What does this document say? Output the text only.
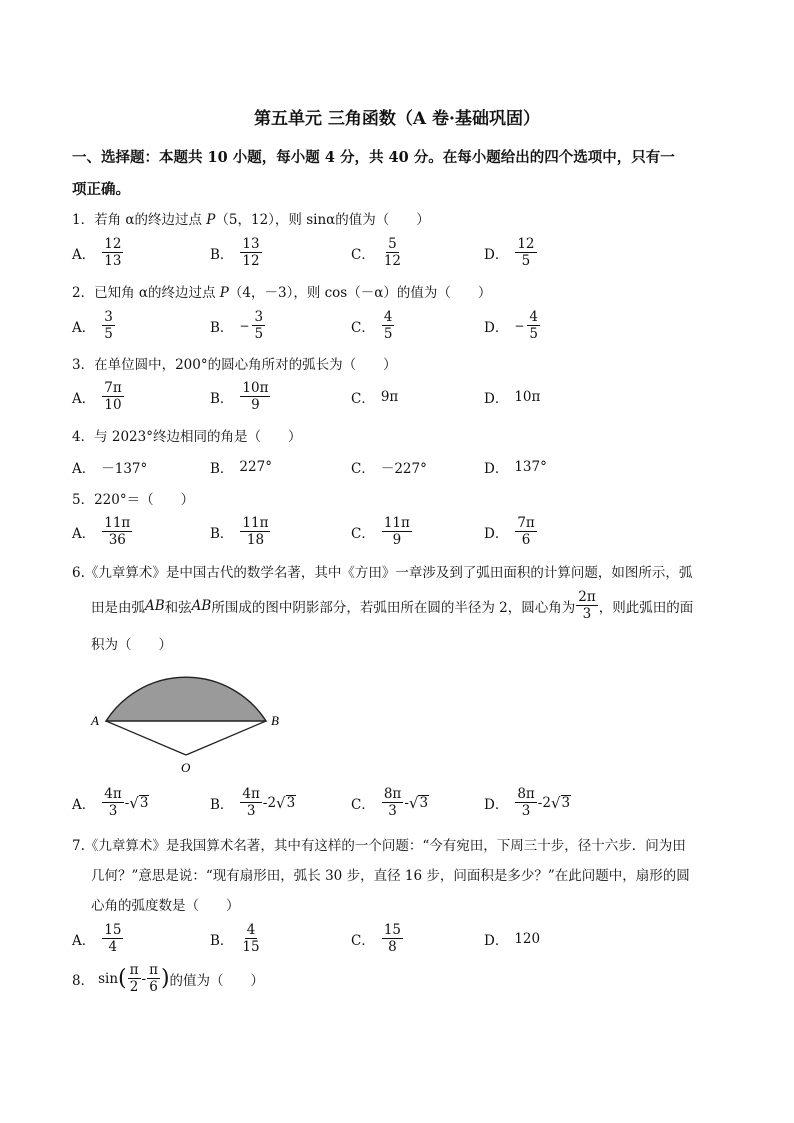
第五单元 三角函数（A 卷·基础巩固）
一、选择题：本题共 10 小题，每小题 4 分，共 40 分。在每小题给出的四个选项中，只有一
项正确。
1．若角 α的终边过点 P（5，12），则 sinα的值为（　　）
A． $\frac{12}{13}$	B． $\frac{13}{12}$	C． $\frac{5}{12}$	D． $\frac{12}{5}$
2．已知角 α的终边过点 P（4，－3），则 cos（－α）的值为（　　）
A． $\frac{3}{5}$	B． − $\frac{3}{5}$	C． $\frac{4}{5}$	D． − $\frac{4}{5}$
3．在单位圆中，200°的圆心角所对的弧长为（　　）
A． $\frac{7\pi}{10}$	B． $\frac{10\pi}{9}$	C． 9π	D． 10π
4．与 2023°终边相同的角是（　　）
A． －137°	B． 227°	C． －227°	D． 137°
5．220°＝（　　）
A． $\frac{11\pi}{36}$	B． $\frac{11\pi}{18}$	C． $\frac{11\pi}{9}$	D． $\frac{7\pi}{6}$
6.《九章算术》是中国古代的数学名著，其中《方田》一章涉及到了弧田面积的计算问题，如图所示，弧
田是由弧 AB 和弦 AB 所围成的图中阴影部分，若弧田所在圆的半径为 2，圆心角为 $\frac{2\pi}{3}$ ，则此弧田的面
积为（　　）
A	B
O
A． $\frac{4\pi}{3}$ - √ 3	B． $\frac{4\pi}{3} -2$ √ 3	C． $\frac{8\pi}{3}$ - √ 3	D． $\frac{8\pi}{3} -2$ √ 3
7.《九章算术》是我国算术名著，其中有这样的一个问题：“今有宛田，下周三十步，径十六步．问为田
几何？”意思是说：“现有扇形田，弧长 30 步，直径 16 步，问面积是多少？”在此问题中，扇形的圆
心角的弧度数是（　　）
A． $\frac{15}{4}$	B． $\frac{4}{15}$	C． $\frac{15}{8}$	D． 120
8． sin ( $\frac{\pi}{2} - \frac{\pi}{6}$ ) 的值为（　　）
